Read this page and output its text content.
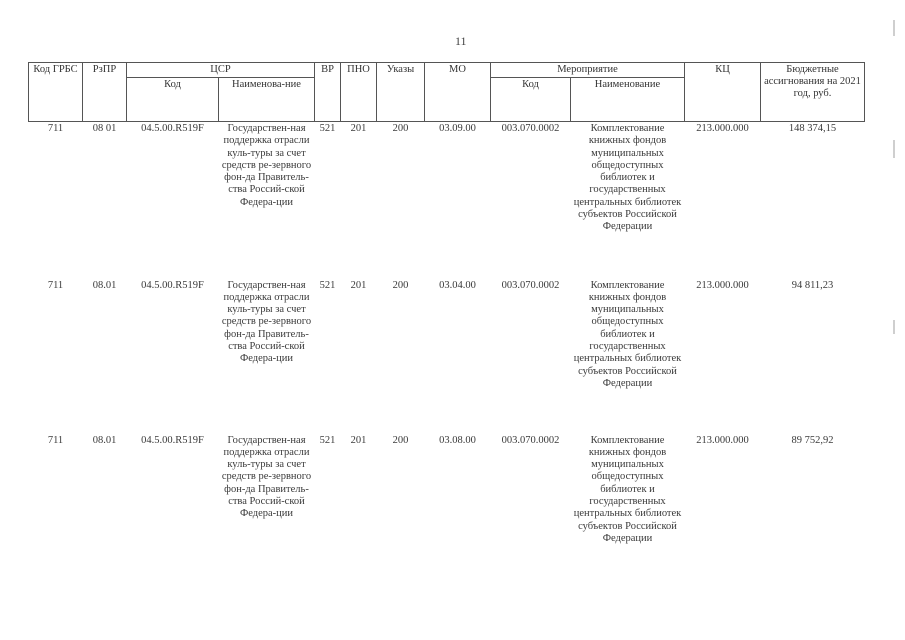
11
Код ГРБС	РзПР	ЦСР		ВР	ПНО	Указы	МО	Мероприятие		КЦ	Бюджетные ассигнования на 2021 год, руб.
		Код	Наименова-ние					Код	Наименование		
711	08 01	04.5.00.R519F	Государствен-ная поддержка отрасли куль-туры за счет средств ре-зервного фон-да Правитель-ства Россий-ской Федера-ции	521	201	200	03.09.00	003.070.0002	Комплектование книжных фондов муниципальных общедоступных библиотек и государственных центральных библиотек субъектов Российской Федерации	213.000.000	148 374,15
711	08.01	04.5.00.R519F	Государствен-ная поддержка отрасли куль-туры за счет средств ре-зервного фон-да Правитель-ства Россий-ской Федера-ции	521	201	200	03.04.00	003.070.0002	Комплектование книжных фондов муниципальных общедоступных библиотек и государственных центральных библиотек субъектов Российской Федерации	213.000.000	94 811,23
711	08.01	04.5.00.R519F	Государствен-ная поддержка отрасли куль-туры за счет средств ре-зервного фон-да Правитель-ства Россий-ской Федера-ции	521	201	200	03.08.00	003.070.0002	Комплектование книжных фондов муниципальных общедоступных библиотек и государственных центральных библиотек субъектов Российской Федерации	213.000.000	89 752,92
